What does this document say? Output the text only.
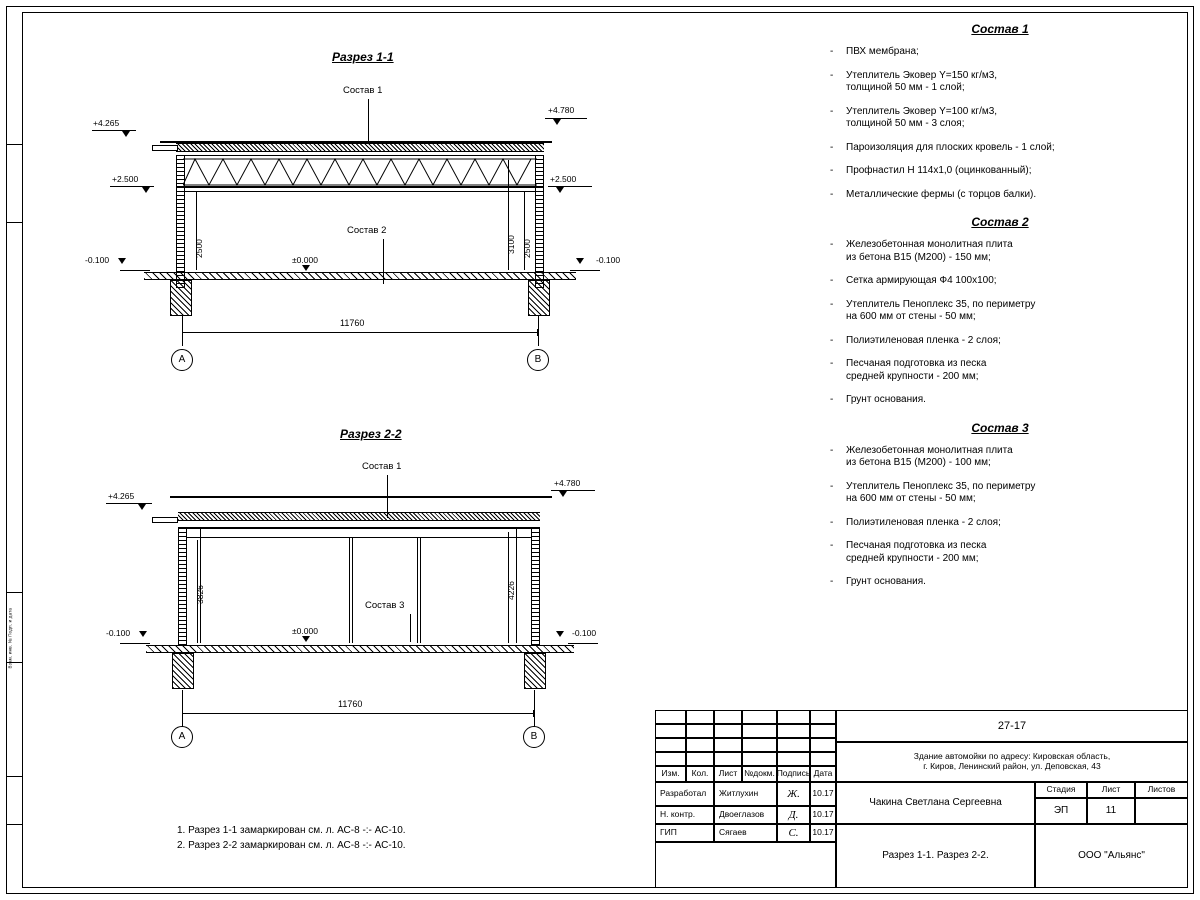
Взам. инв. № Подп. и дата
Разрез 1-1
Состав 1
Состав 2
+4.265
+4.780
+2.500	+2.500
-0.100	-0.100
±0.000
2500	3100 2500
11760
A	B
Разрез 2-2
Состав 1
Состав 3
+4.265
+4.780
-0.100	-0.100
±0.000
3826	4226
11760
A	B
1. Разрез 1-1 замаркирован см. л. АС-8 -:- АС-10.
2. Разрез 2-2 замаркирован см. л. АС-8 -:- АС-10.
Состав 1
- ПВХ мембрана;
- Утеплитель Эковер Y=150 кг/м3,
толщиной 50 мм - 1 слой;
- Утеплитель Эковер Y=100 кг/м3,
толщиной 50 мм - 3 слоя;
- Пароизоляция для плоских кровель - 1 слой;
- Профнастил Н 114х1,0 (оцинкованный);
- Металлические фермы (с торцов балки).
Состав 2
- Железобетонная монолитная плита
из бетона В15 (М200) - 150 мм;
- Сетка армирующая Ф4 100х100;
- Утеплитель Пеноплекс 35, по периметру
на 600 мм от стены - 50 мм;
- Полиэтиленовая пленка - 2 слоя;
- Песчаная подготовка из песка
средней крупности - 200 мм;
- Грунт основания.
Состав 3
- Железобетонная монолитная плита
из бетона В15 (М200) - 100 мм;
- Утеплитель Пеноплекс 35, по периметру
на 600 мм от стены - 50 мм;
- Полиэтиленовая пленка - 2 слоя;
- Песчаная подготовка из песка
средней крупности - 200 мм;
- Грунт основания.
Изм.	Кол.	Лист №докм. Подпись Дата
Разработал	Житлухин	Ж. 10.17
Н. контр.	Двоеглазов	Д. 10.17
ГИП	Сягаев	С. 10.17
27-17
Здание автомойки по адресу: Кировская область,
г. Киров, Ленинский район, ул. Деповская, 43
Чакина Светлана Сергеевна
Стадия	Лист	Листов
ЭП	11
Разрез 1-1. Разрез 2-2.	ООО "Альянс"
